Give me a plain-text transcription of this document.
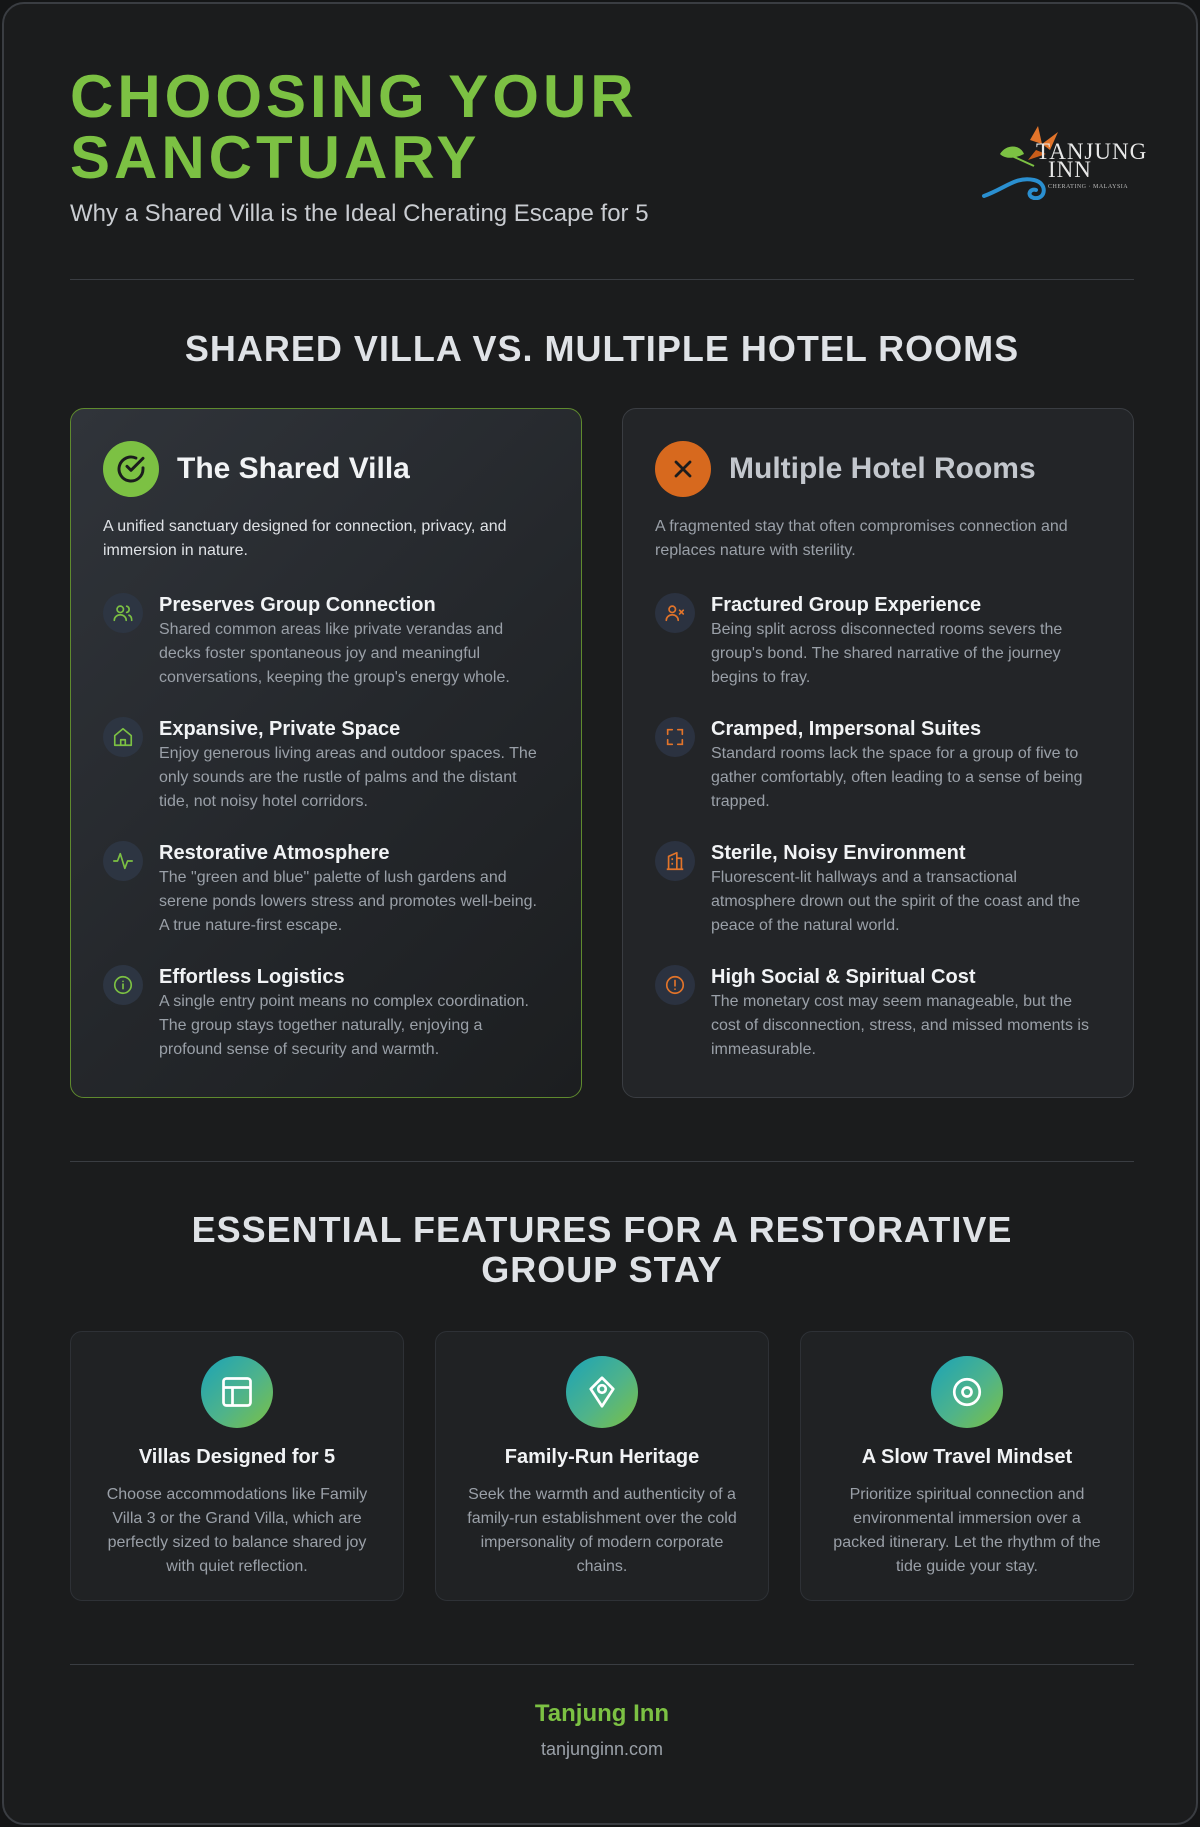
CHOOSING YOUR SANCTUARY
Why a Shared Villa is the Ideal Cherating Escape for 5
TANJUNG
INN
CHERATING · MALAYSIA
SHARED VILLA VS. MULTIPLE HOTEL ROOMS
The Shared Villa

A unified sanctuary designed for connection, privacy, and immersion in nature.

Preserves Group Connection
Shared common areas like private verandas and decks foster spontaneous joy and meaningful conversations, keeping the group's energy whole.
Expansive, Private Space
Enjoy generous living areas and outdoor spaces. The only sounds are the rustle of palms and the distant tide, not noisy hotel corridors.
Restorative Atmosphere
The "green and blue" palette of lush gardens and serene ponds lowers stress and promotes well-being. A true nature-first escape.
Effortless Logistics
A single entry point means no complex coordination. The group stays together naturally, enjoying a profound sense of security and warmth.
Multiple Hotel Rooms

A fragmented stay that often compromises connection and replaces nature with sterility.

Fractured Group Experience
Being split across disconnected rooms severs the group's bond. The shared narrative of the journey begins to fray.
Cramped, Impersonal Suites
Standard rooms lack the space for a group of five to gather comfortably, often leading to a sense of being trapped.
Sterile, Noisy Environment
Fluorescent-lit hallways and a transactional atmosphere drown out the spirit of the coast and the peace of the natural world.
High Social & Spiritual Cost
The monetary cost may seem manageable, but the cost of disconnection, stress, and missed moments is immeasurable.
ESSENTIAL FEATURES FOR A RESTORATIVE GROUP STAY
Villas Designed for 5
Choose accommodations like Family Villa 3 or the Grand Villa, which are perfectly sized to balance shared joy with quiet reflection.
Family-Run Heritage
Seek the warmth and authenticity of a family-run establishment over the cold impersonality of modern corporate chains.
A Slow Travel Mindset
Prioritize spiritual connection and environmental immersion over a packed itinerary. Let the rhythm of the tide guide your stay.
Tanjung Inn
tanjunginn.com
